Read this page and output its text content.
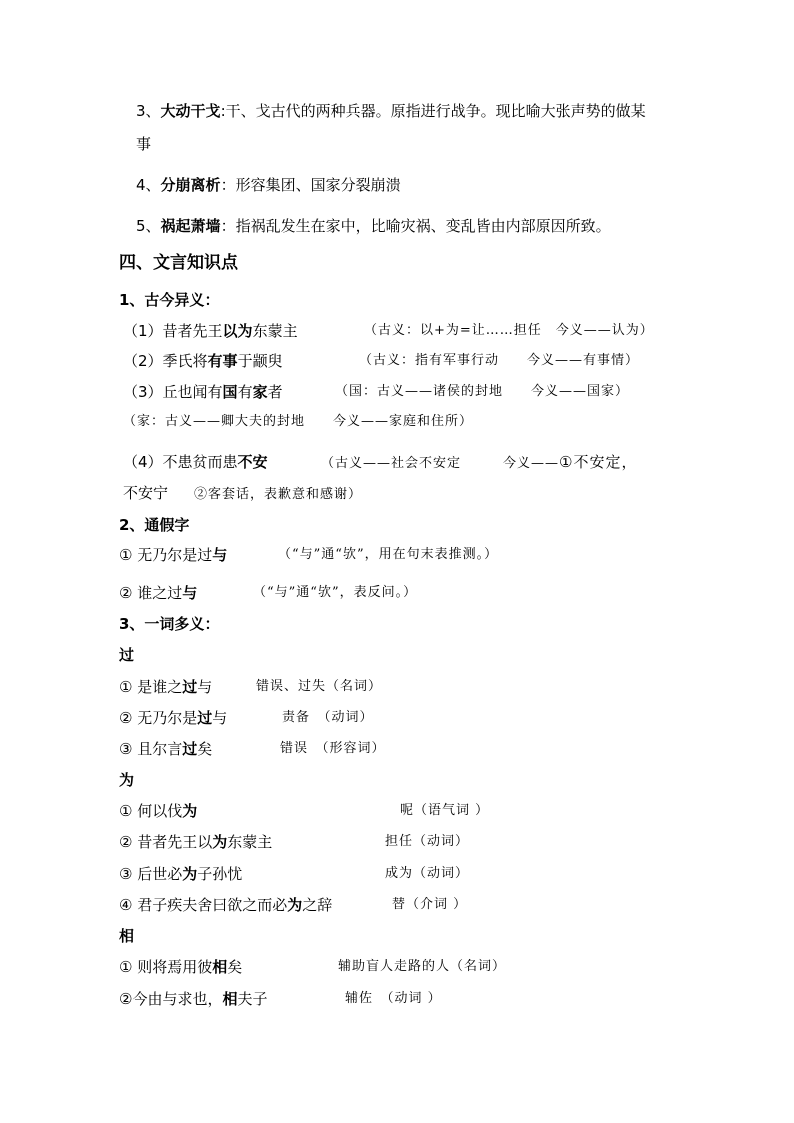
3、大动干戈:干、戈古代的两种兵器。原指进行战争。现比喻大张声势的做某
事
4、分崩离析：形容集团、国家分裂崩溃
5、祸起萧墙：指祸乱发生在家中，比喻灾祸、变乱皆由内部原因所致。
四、文言知识点
1、古今异义：
（1）昔者先王以为东蒙主	（古义：以+为=让……担任　今义——认为）
（2）季氏将有事于颛臾	（古义：指有军事行动　　今义——有事情）
（3）丘也闻有国有家者	（国：古义——诸侯的封地　　今义——国家）
（家：古义——卿大夫的封地　　今义——家庭和住所）
（4）不患贫而患不安	（古义——社会不安定　　　今义——①不安定，
不安宁 ②客套话，表歉意和感谢）
2、通假字
① 无乃尔是过与	（“与”通“欤”，用在句末表推测。）
② 谁之过与	（“与”通“欤”，表反问。）
3、一词多义：
过
① 是谁之过与	错误、过失（名词）
② 无乃尔是过与	责备　（动词）
③ 且尔言过矣	错误　（形容词）
为
① 何以伐为	呢（语气词 ）
② 昔者先王以为东蒙主	担任（动词）
③ 后世必为子孙忧	成为（动词）
④ 君子疾夫舍曰欲之而必为之辞	替（介词 ）
相
① 则将焉用彼相矣	辅助盲人走路的人（名词）
②今由与求也，相夫子	辅佐　（动词 ）
